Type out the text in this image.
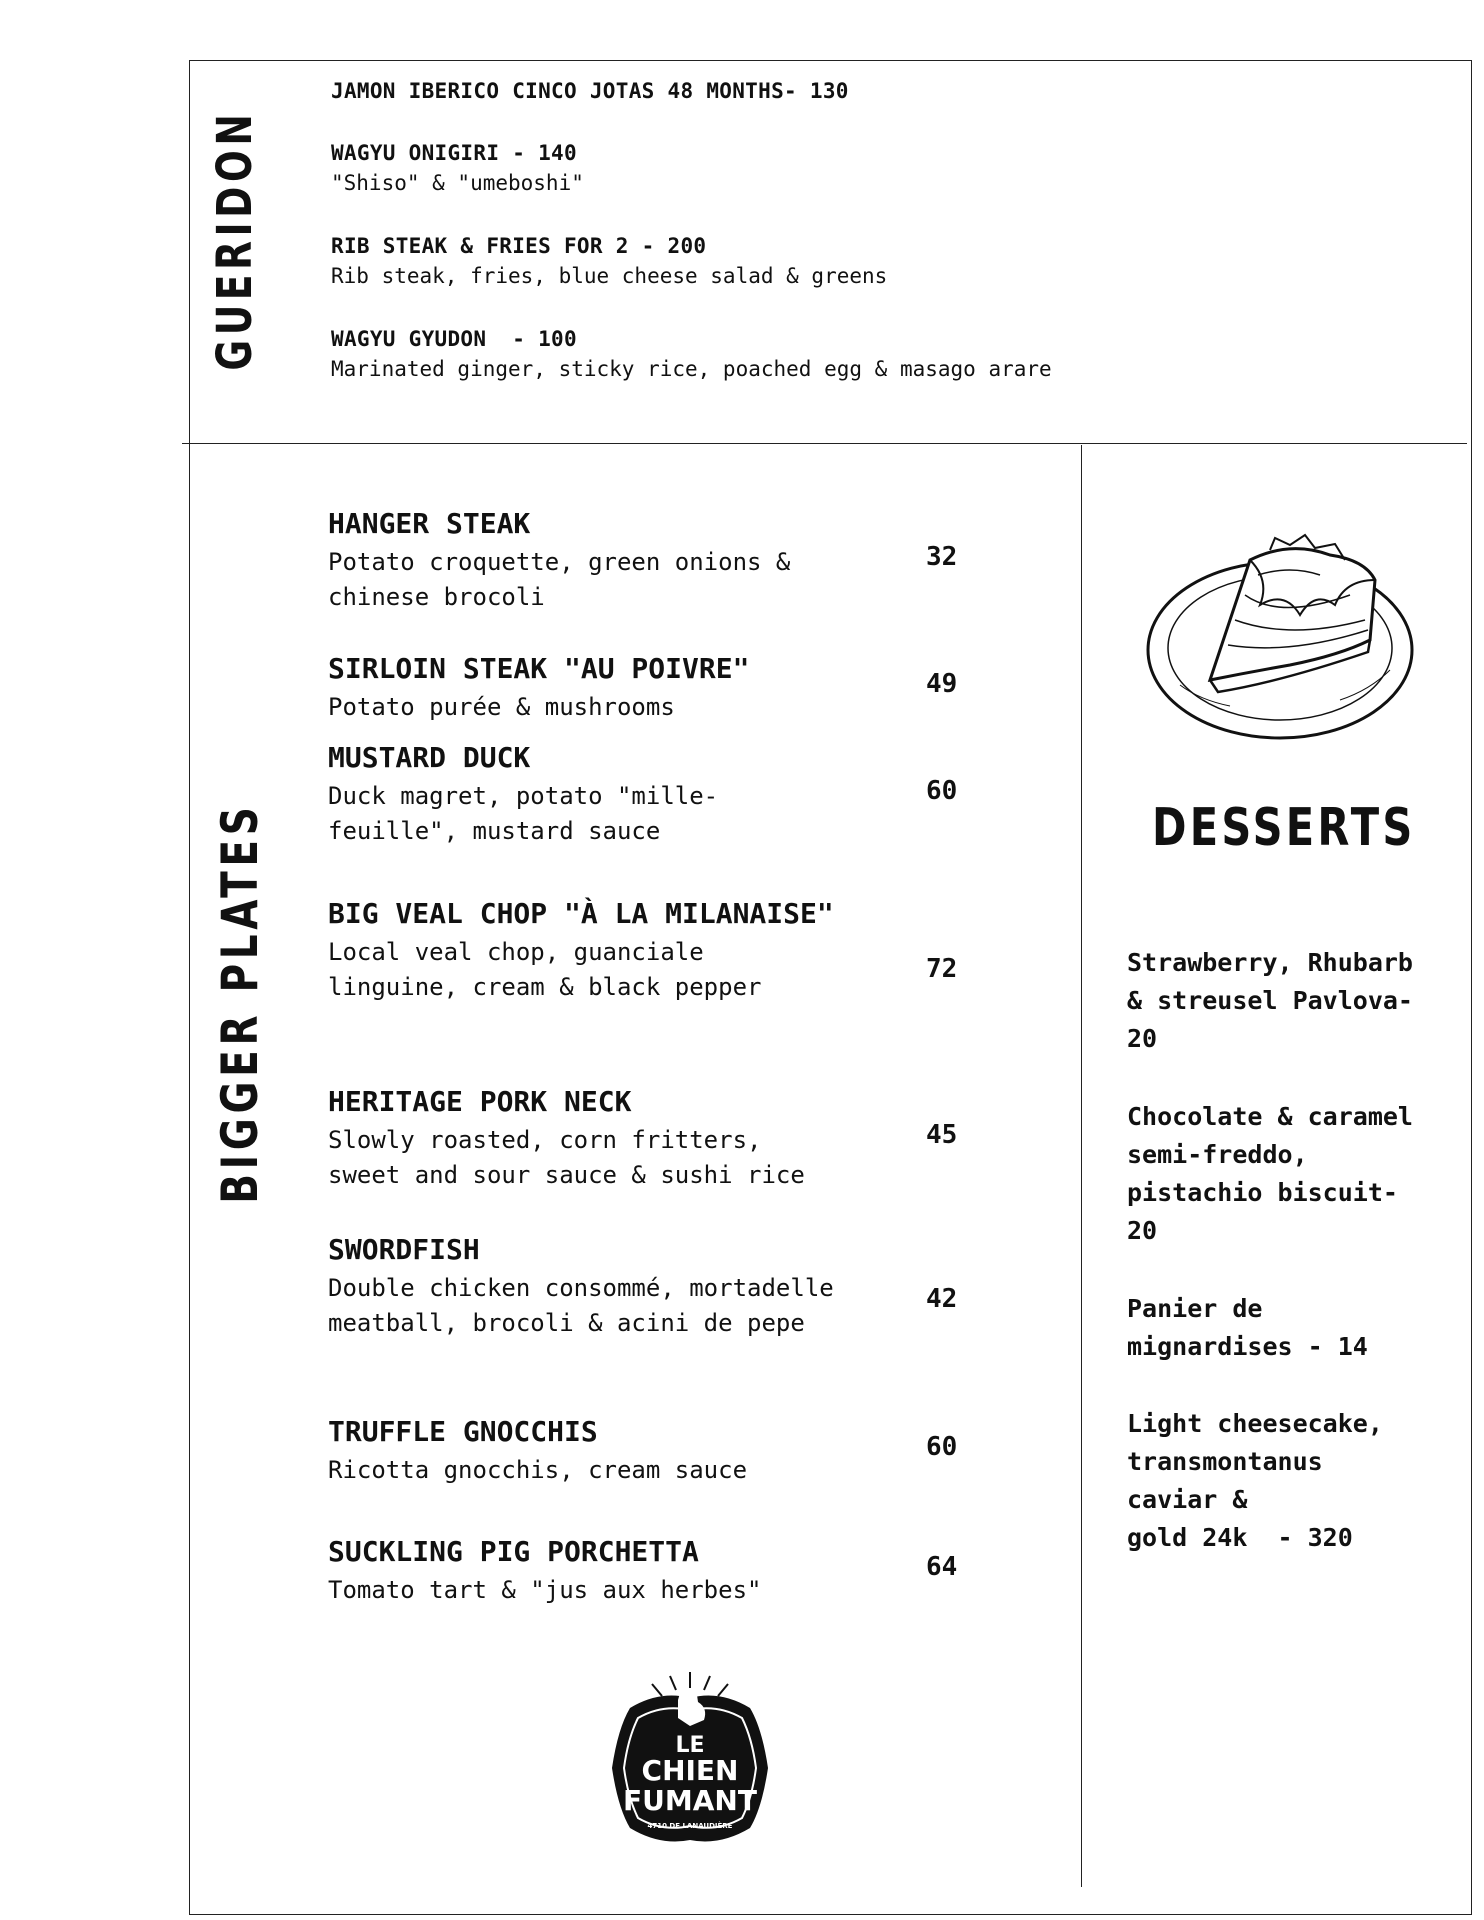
GUERIDON
JAMON IBERICO CINCO JOTAS 48 MONTHS- 130
WAGYU ONIGIRI - 140
"Shiso" & "umeboshi"
RIB STEAK & FRIES FOR 2 - 200
Rib steak, fries, blue cheese salad & greens
WAGYU GYUDON  - 100
Marinated ginger, sticky rice, poached egg & masago arare
BIGGER PLATES
HANGER STEAK
Potato croquette, green onions & chinese brocoli
32
SIRLOIN STEAK "AU POIVRE"
Potato purée & mushrooms
49
MUSTARD DUCK
Duck magret, potato "mille-feuille", mustard sauce
60
BIG VEAL CHOP "À LA MILANAISE"
Local veal chop, guanciale linguine, cream & black pepper
72
HERITAGE PORK NECK
Slowly roasted, corn fritters, sweet and sour sauce & sushi rice
45
SWORDFISH
Double chicken consommé, mortadelle meatball, brocoli & acini de pepe
42
TRUFFLE GNOCCHIS
Ricotta gnocchis, cream sauce
60
SUCKLING PIG PORCHETTA
Tomato tart & "jus aux herbes"
64
DESSERTS
Strawberry, Rhubarb
& streusel Pavlova-
20
Chocolate & caramel
semi-freddo,
pistachio biscuit-
20
Panier de
mignardises - 14
Light cheesecake,
transmontanus
caviar &
gold 24k  - 320
LE
CHIEN
FUMANT
4710 DE LANAUDIÈRE
